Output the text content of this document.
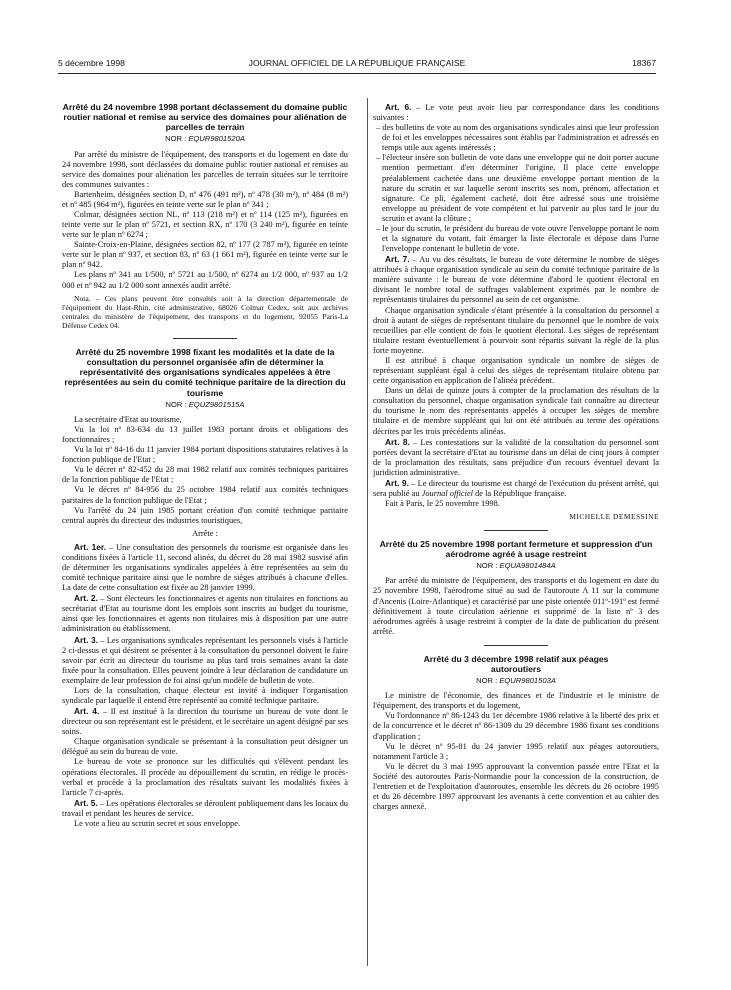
5 décembre 1998	JOURNAL OFFICIEL DE LA RÉPUBLIQUE FRANÇAISE	18367
Arrêté du 24 novembre 1998 portant déclassement du domaine public routier national et remise au service des domaines pour aliénation de parcelles de terrain
NOR : EQUR9801520A

Par arrêté du ministre de l'équipement, des transports et du logement en date du 24 novembre 1998, sont déclassées du domaine public routier national et remises au service des domaines pour aliénation les parcelles de terrain situées sur le territoire des communes suivantes :

Bartenheim, désignées section D, nº 476 (491 m²), nº 478 (30 m²), nº 484 (8 m²) et nº 485 (964 m²), figurées en teinte verte sur le plan nº 341 ;

Colmar, désignées section NL, nº 113 (218 m²) et nº 114 (125 m²), figurées en teinte verte sur le plan nº 5721, et section RX, nº 170 (3 240 m²), figurée en teinte verte sur le plan nº 6274 ;

Sainte-Croix-en-Plaine, désignées section 82, nº 177 (2 787 m²), figurée en teinte verte sur le plan nº 937, et section 83, nº 63 (1 661 m²), figurée en teinte verte sur le plan nº 942.

Les plans nº 341 au 1/500, nº 5721 au 1/500, nº 6274 au 1/2 000, nº 937 au 1/2 000 et nº 942 au 1/2 000 sont annexés audit arrêté.

Nota. – Ces plans peuvent être consultés soit à la direction départementale de l'équipement du Haut-Rhin, cité administrative, 68026 Colmar Cedex, soit aux archives centrales du ministère de l'équipement, des transports et du logement, 92055 Paris-La Défense Cedex 04.

Arrêté du 25 novembre 1998 fixant les modalités et la date de la consultation du personnel organisée afin de déterminer la représentativité des organisations syndicales appelées à être représentées au sein du comité technique paritaire de la direction du tourisme
NOR : EQUZ9801515A

La secrétaire d'Etat au tourisme,

Vu la loi nº 83-634 du 13 juillet 1983 portant droits et obligations des fonctionnaires ;

Vu la loi nº 84-16 du 11 janvier 1984 portant dispositions statutaires relatives à la fonction publique de l'Etat ;

Vu le décret nº 82-452 du 28 mai 1982 relatif aux comités techniques paritaires de la fonction publique de l'Etat ;

Vu le décret nº 84-956 du 25 octobre 1984 relatif aux comités techniques paritaires de la fonction publique de l'Etat ;

Vu l'arrêté du 24 juin 1985 portant création d'un comité technique paritaire central auprès du directeur des industries touristiques,

Arrête :

Art. 1er. – Une consultation des personnels du tourisme est organisée dans les conditions fixées à l'article 11, second alinéa, du décret du 28 mai 1982 susvisé afin de déterminer les organisations syndicales appelées à être représentées au sein du comité technique paritaire ainsi que le nombre de sièges attribués à chacune d'elles. La date de cette consultation est fixée au 28 janvier 1999.

Art. 2. – Sont électeurs les fonctionnaires et agents non titulaires en fonctions au secrétariat d'Etat au tourisme dont les emplois sont inscrits au budget du tourisme, ainsi que les fonctionnaires et agents non titulaires mis à disposition par une autre administration ou établissement.

Art. 3. – Les organisations syndicales représentant les personnels visés à l'article 2 ci-dessus et qui désirent se présenter à la consultation du personnel doivent le faire savoir par écrit au directeur du tourisme au plus tard trois semaines avant la date fixée pour la consultation. Elles peuvent joindre à leur déclaration de candidature un exemplaire de leur profession de foi ainsi qu'un modèle de bulletin de vote.

Lors de la consultation, chaque électeur est invité à indiquer l'organisation syndicale par laquelle il entend être représenté au comité technique paritaire.

Art. 4. – Il est institué à la direction du tourisme un bureau de vote dont le directeur ou son représentant est le président, et le secrétaire un agent désigné par ses soins.

Chaque organisation syndicale se présentant à la consultation peut désigner un délégué au sein du bureau de vote.

Le bureau de vote se prononce sur les difficultés qui s'élèvent pendant les opérations électorales. Il procède au dépouillement du scrutin, en rédige le procès-verbal et procède à la proclamation des résultats suivant les modalités fixées à l'article 7 ci-après.

Art. 5. – Les opérations électorales se déroulent publiquement dans les locaux du travail et pendant les heures de service.

Le vote a lieu au scrutin secret et sous enveloppe.

Art. 6. – Le vote peut avoir lieu par correspondance dans les conditions suivantes :

– des bulletins de vote au nom des organisations syndicales ainsi que leur profession de foi et les enveloppes nécessaires sont établis par l'administration et adressés en temps utile aux agents intéressés ;
– l'électeur insère son bulletin de vote dans une enveloppe qui ne doit porter aucune mention permettant d'en déterminer l'origine. Il place cette enveloppe préalablement cachetée dans une deuxième enveloppe portant mention de la nature du scrutin et sur laquelle seront inscrits ses nom, prénom, affectation et signature. Ce pli, également cacheté, doit être adressé sous une troisième enveloppe au président de vote compétent et lui parvenir au plus tard le jour du scrutin et avant la clôture ;
– le jour du scrutin, le président du bureau de vote ouvre l'enveloppe portant le nom et la signature du votant, fait émarger la liste électorale et dépose dans l'urne l'enveloppe contenant le bulletin de vote.

Art. 7. – Au vu des résultats, le bureau de vote détermine le nombre de sièges attribués à chaque organisation syndicale au sein du comité technique paritaire de la manière suivante : le bureau de vote détermine d'abord le quotient électoral en divisant le nombre total de suffrages valablement exprimés par le nombre de représentants titulaires du personnel au sein de cet organisme.

Chaque organisation syndicale s'étant présentée à la consultation du personnel a droit à autant de sièges de représentant titulaire du personnel que le nombre de voix recueillies par elle contient de fois le quotient électoral. Les sièges de représentant titulaire restant éventuellement à pourvoir sont répartis suivant la règle de la plus forte moyenne.

Il est attribué à chaque organisation syndicale un nombre de sièges de représentant suppléant égal à celui des sièges de représentant titulaire obtenu par cette organisation en application de l'alinéa précédent.

Dans un délai de quinze jours à compter de la proclamation des résultats de la consultation du personnel, chaque organisation syndicale fait connaître au directeur du tourisme le nom des représentants appelés à occuper les sièges de membre titulaire et de membre suppléant qui lui ont été attribués au terme des opérations décrites par les trois précédents alinéas.

Art. 8. – Les contestations sur la validité de la consultation du personnel sont portées devant la secrétaire d'Etat au tourisme dans un délai de cinq jours à compter de la proclamation des résultats, sans préjudice d'un recours éventuel devant la juridiction administrative.

Art. 9. – Le directeur du tourisme est chargé de l'exécution du présent arrêté, qui sera publié au Journal officiel de la République française.

Fait à Paris, le 25 novembre 1998.

MICHELLE DEMESSINE
Arrêté du 25 novembre 1998 portant fermeture et suppression d'un aérodrome agréé à usage restreint
NOR : EQUA9801484A

Par arrêté du ministre de l'équipement, des transports et du logement en date du 25 novembre 1998, l'aérodrome situé au sud de l'autoroute A 11 sur la commune d'Ancenis (Loire-Atlantique) et caractérisé par une piste orientée 011º-191º est fermé définitivement à toute circulation aérienne et supprimé de la liste nº 3 des aérodromes agréés à usage restreint à compter de la date de publication du présent arrêté.

Arrêté du 3 décembre 1998 relatif aux péages autoroutiers
NOR : EQUR9801503A

Le ministre de l'économie, des finances et de l'industrie et le ministre de l'équipement, des transports et du logement,

Vu l'ordonnance nº 86-1243 du 1er décembre 1986 relative à la liberté des prix et de la concurrence et le décret nº 86-1309 du 29 décembre 1986 fixant ses conditions d'application ;

Vu le décret nº 95-81 du 24 janvier 1995 relatif aux péages autoroutiers, notamment l'article 3 ;

Vu le décret du 3 mai 1995 approuvant la convention passée entre l'Etat et la Société des autoroutes Paris-Normandie pour la concession de la construction, de l'entretien et de l'exploitation d'autoroutes, ensemble les décrets du 26 octobre 1995 et du 26 décembre 1997 approuvant les avenants à cette convention et au cahier des charges annexé.
